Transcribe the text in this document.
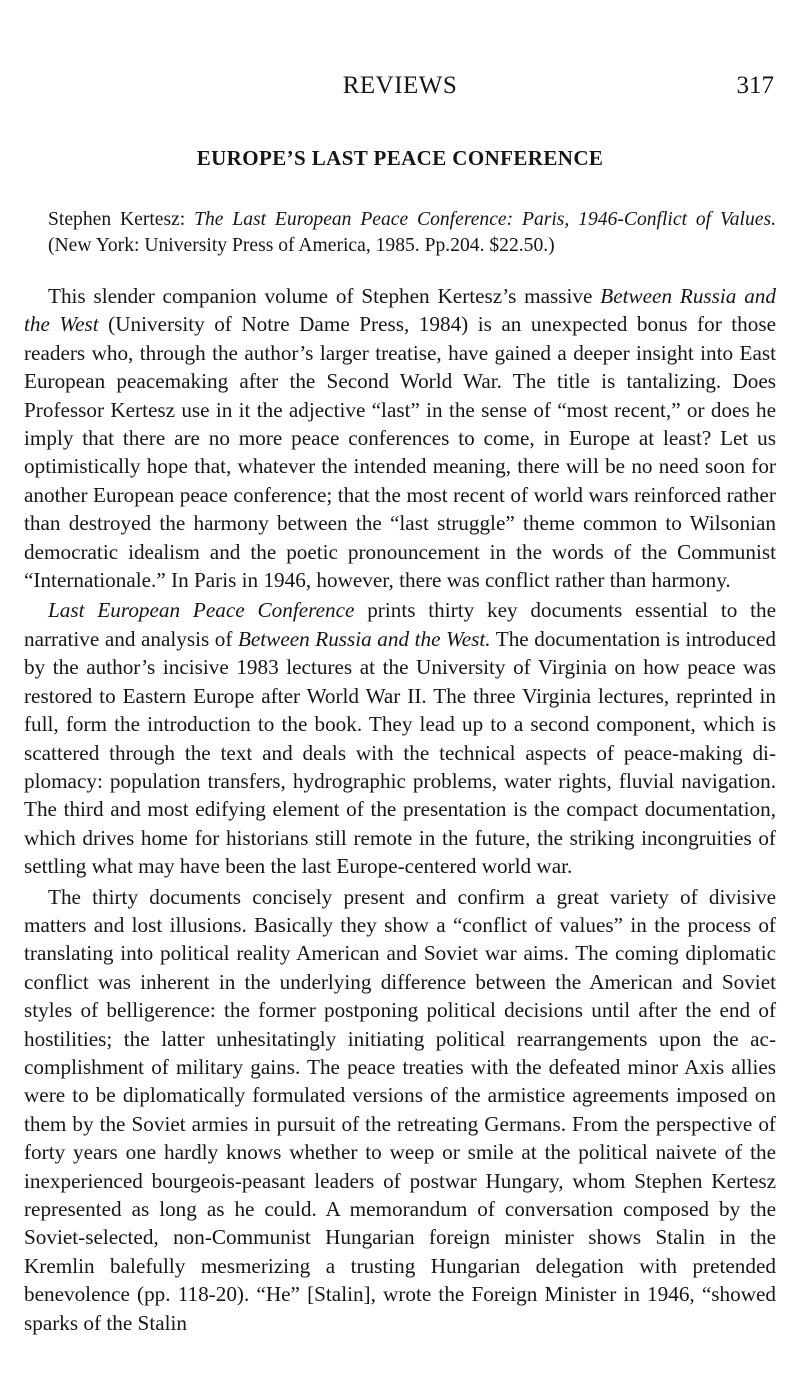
REVIEWS	317
EUROPE’S LAST PEACE CONFERENCE
Stephen Kertesz: The Last European Peace Conference: Paris, 1946-Conflict of Values. (New York: University Press of America, 1985. Pp.204. $22.50.)

This slender companion volume of Stephen Kertesz’s massive Between Russia and the West (University of Notre Dame Press, 1984) is an unexpected bonus for those readers who, through the author’s larger treatise, have gained a deeper insight into East European peacemaking after the Second World War. The title is tantalizing. Does Professor Kertesz use in it the adjective “last” in the sense of “most recent,” or does he imply that there are no more peace conferences to come, in Europe at least? Let us optimistically hope that, whatever the intended meaning, there will be no need soon for another European peace conference; that the most recent of world wars reinforced rather than destroyed the harmony between the “last struggle” theme common to Wilsonian democratic idealism and the poetic pronouncement in the words of the Communist “Internationale.” In Paris in 1946, however, there was conflict rather than harmony.

Last European Peace Conference prints thirty key documents essential to the narrative and analysis of Between Russia and the West. The documentation is introduced by the author’s incisive 1983 lectures at the University of Virginia on how peace was restored to Eastern Europe after World War II. The three Virginia lectures, reprinted in full, form the introduction to the book. They lead up to a second component, which is scattered through the text and deals with the technical aspects of peace-making diplomacy: population transfers, hydrographic problems, water rights, fluvial navigation. The third and most edifying element of the presentation is the compact documentation, which drives home for historians still remote in the future, the striking incongruities of settling what may have been the last Europe-centered world war.

The thirty documents concisely present and confirm a great variety of divisive matters and lost illusions. Basically they show a “conflict of values” in the process of translating into political reality American and Soviet war aims. The coming diplomatic conflict was inherent in the underlying difference between the American and Soviet styles of belligerence: the former postponing political decisions until after the end of hostilities; the latter unhesitatingly initiating political rearrangements upon the accomplishment of military gains. The peace treaties with the defeated minor Axis allies were to be diplomatically formulated versions of the armistice agreements imposed on them by the Soviet armies in pursuit of the retreating Germans. From the perspective of forty years one hardly knows whether to weep or smile at the political naivete of the inexperienced bourgeois-peasant leaders of postwar Hungary, whom Stephen Kertesz represented as long as he could. A memorandum of conversation composed by the Soviet-selected, non-Communist Hungarian foreign minister shows Stalin in the Kremlin balefully mesmerizing a trusting Hungarian delegation with pretended benevolence (pp. 118-20). “He” [Stalin], wrote the Foreign Minister in 1946, “showed sparks of the Stalin
